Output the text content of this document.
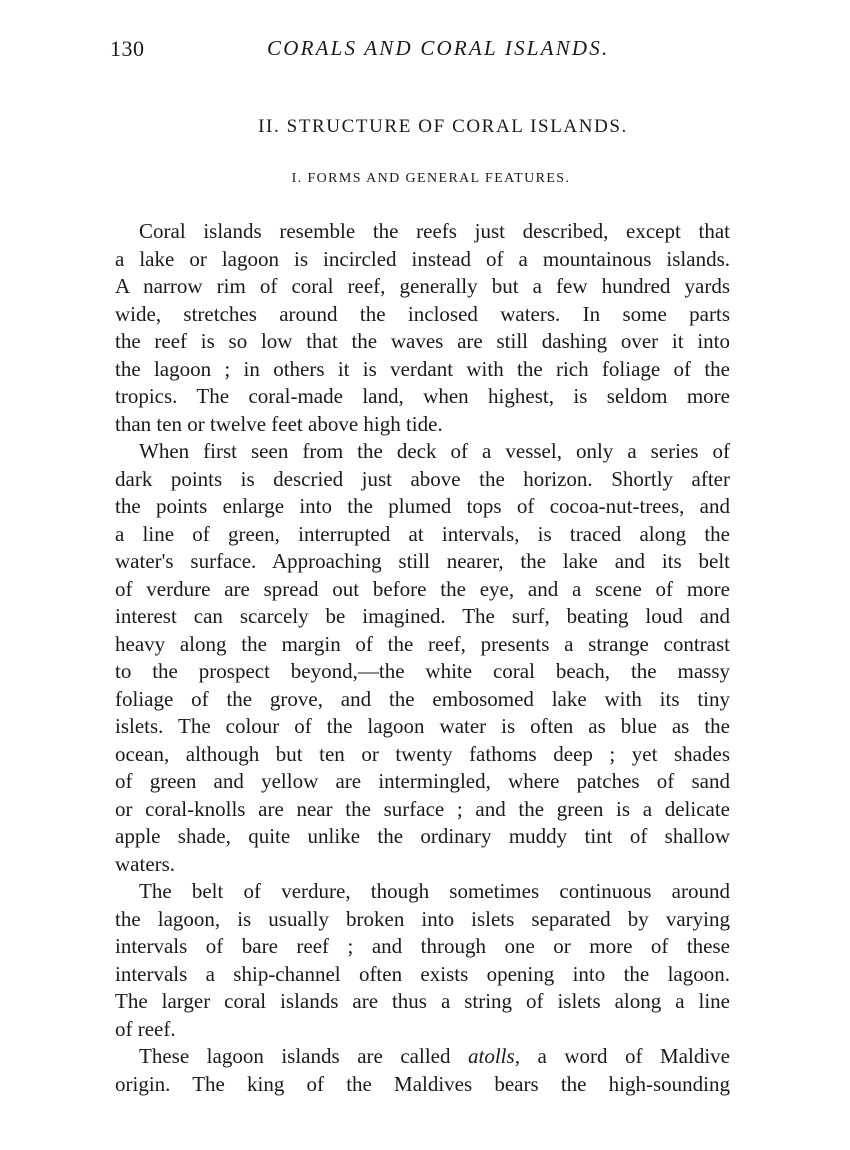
130	CORALS AND CORAL ISLANDS.
II. STRUCTURE OF CORAL ISLANDS.
I. FORMS AND GENERAL FEATURES.
Coral islands resemble the reefs just described, except that
a lake or lagoon is incircled instead of a mountainous islands.
A narrow rim of coral reef, generally but a few hundred yards
wide, stretches around the inclosed waters. In some parts
the reef is so low that the waves are still dashing over it into
the lagoon ; in others it is verdant with the rich foliage of the
tropics. The coral-made land, when highest, is seldom more
than ten or twelve feet above high tide.
When first seen from the deck of a vessel, only a series of
dark points is descried just above the horizon. Shortly after
the points enlarge into the plumed tops of cocoa-nut-trees, and
a line of green, interrupted at intervals, is traced along the
water's surface. Approaching still nearer, the lake and its belt
of verdure are spread out before the eye, and a scene of more
interest can scarcely be imagined. The surf, beating loud and
heavy along the margin of the reef, presents a strange contrast
to the prospect beyond,—the white coral beach, the massy
foliage of the grove, and the embosomed lake with its tiny
islets. The colour of the lagoon water is often as blue as the
ocean, although but ten or twenty fathoms deep ; yet shades
of green and yellow are intermingled, where patches of sand
or coral-knolls are near the surface ; and the green is a delicate
apple shade, quite unlike the ordinary muddy tint of shallow
waters.
The belt of verdure, though sometimes continuous around
the lagoon, is usually broken into islets separated by varying
intervals of bare reef ; and through one or more of these
intervals a ship-channel often exists opening into the lagoon.
The larger coral islands are thus a string of islets along a line
of reef.
These lagoon islands are called atolls, a word of Maldive
origin. The king of the Maldives bears the high-sounding
